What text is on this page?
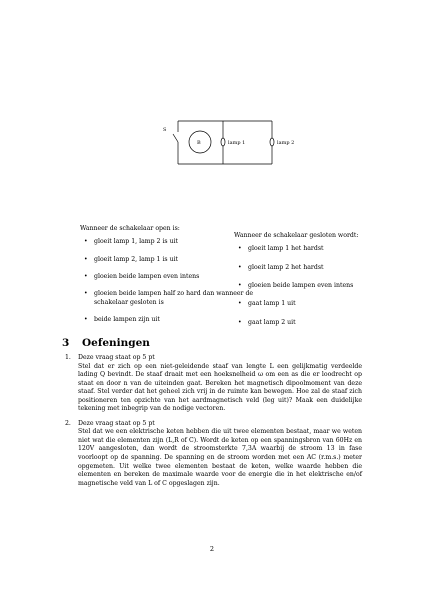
S
B	lamp 1	lamp 2

Wanneer de schakelaar open is:

• gloeit lamp 1, lamp 2 is uit
• gloeit lamp 2, lamp 1 is uit
• gloeien beide lampen even intens
• gloeien beide lampen half zo hard dan wanneer de schakelaar gesloten is
• beide lampen zijn uit

Wanneer de schakelaar gesloten wordt:

• gloeit lamp 1 het hardst
• gloeit lamp 2 het hardst
• gloeien beide lampen even intens
• gaat lamp 1 uit
• gaat lamp 2 uit
3 Oefeningen
1. Deze vraag staat op 5 pt
Stel dat er zich op een niet-geleidende staaf van lengte L een gelijkmatig verdeelde lading Q bevindt. De staaf draait met een hoeksnelheid ω om een as die er loodrecht op staat en door n van de uiteinden gaat. Bereken het magnetisch dipoolmoment van deze staaf. Stel verder dat het geheel zich vrij in de ruimte kan bewegen. Hoe zal de staaf zich positioneren ten opzichte van het aardmagnetisch veld (leg uit)? Maak een duidelijke tekening met inbegrip van de nodige vectoren.
2. Deze vraag staat op 5 pt
Stel dat we een elektrische keten hebben die uit twee elementen bestaat, maar we weten niet wat die elementen zijn (L,R of C). Wordt de keten op een spanningsbron van 60Hz en 120V aangesloten, dan wordt de stroomsterkte 7,3A waarbij de stroom 13 in fase voorloopt op de spanning. De spanning en de stroom worden met een AC (r.m.s.) meter opgemeten. Uit welke twee elementen bestaat de keten, welke waarde hebben die elementen en bereken de maximale waarde voor de energie die in het elektrische en/of magnetische veld van L of C opgeslagen zijn.
2
